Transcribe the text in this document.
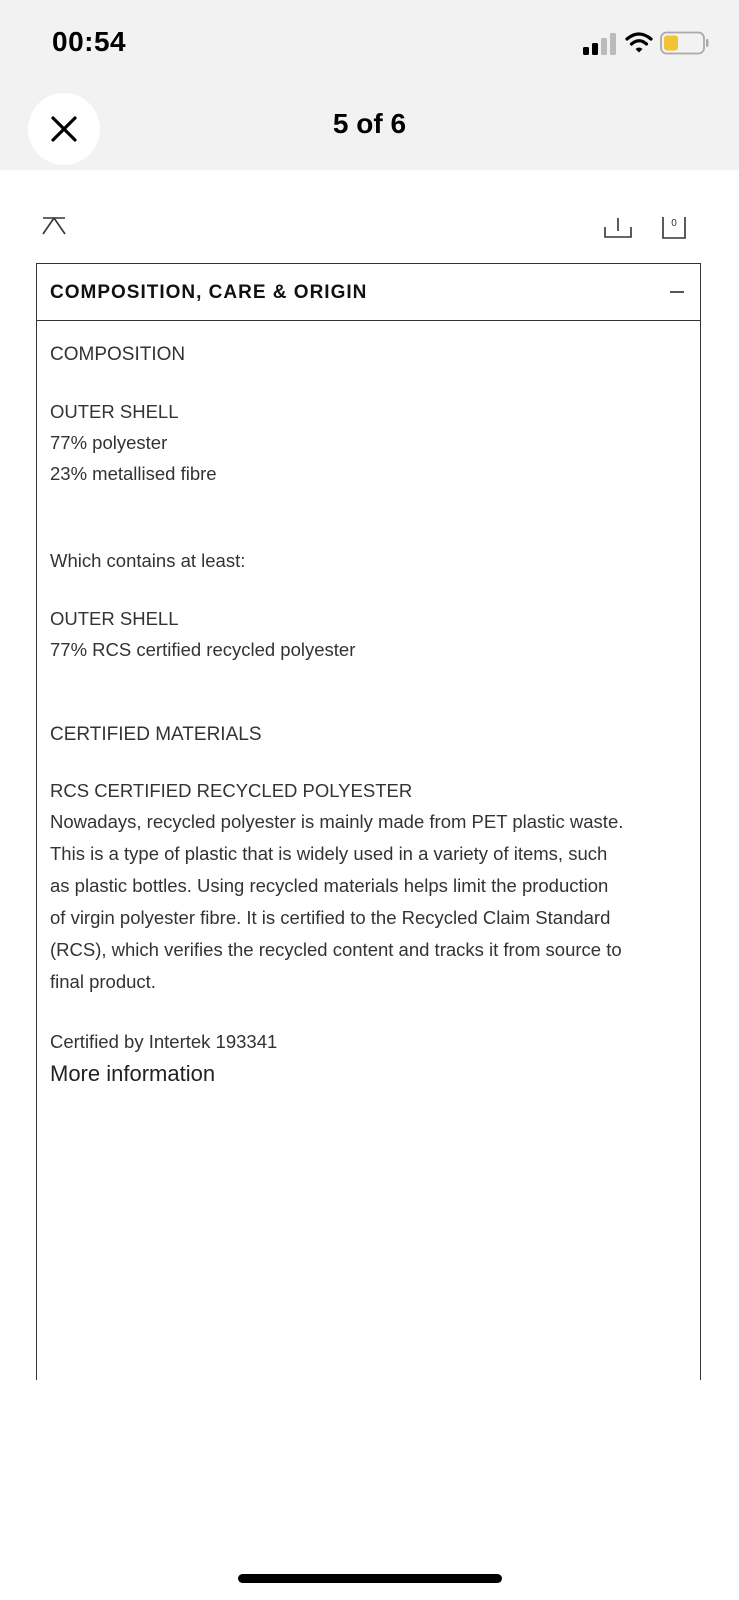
00:54
5 of 6
0
COMPOSITION, CARE & ORIGIN
COMPOSITION
OUTER SHELL
77% polyester
23% metallised fibre
Which contains at least:
OUTER SHELL
77% RCS certified recycled polyester
CERTIFIED MATERIALS
RCS CERTIFIED RECYCLED POLYESTER
Nowadays, recycled polyester is mainly made from PET plastic waste.
This is a type of plastic that is widely used in a variety of items, such
as plastic bottles. Using recycled materials helps limit the production
of virgin polyester fibre. It is certified to the Recycled Claim Standard
(RCS), which verifies the recycled content and tracks it from source to
final product.
Certified by Intertek 193341
More information
